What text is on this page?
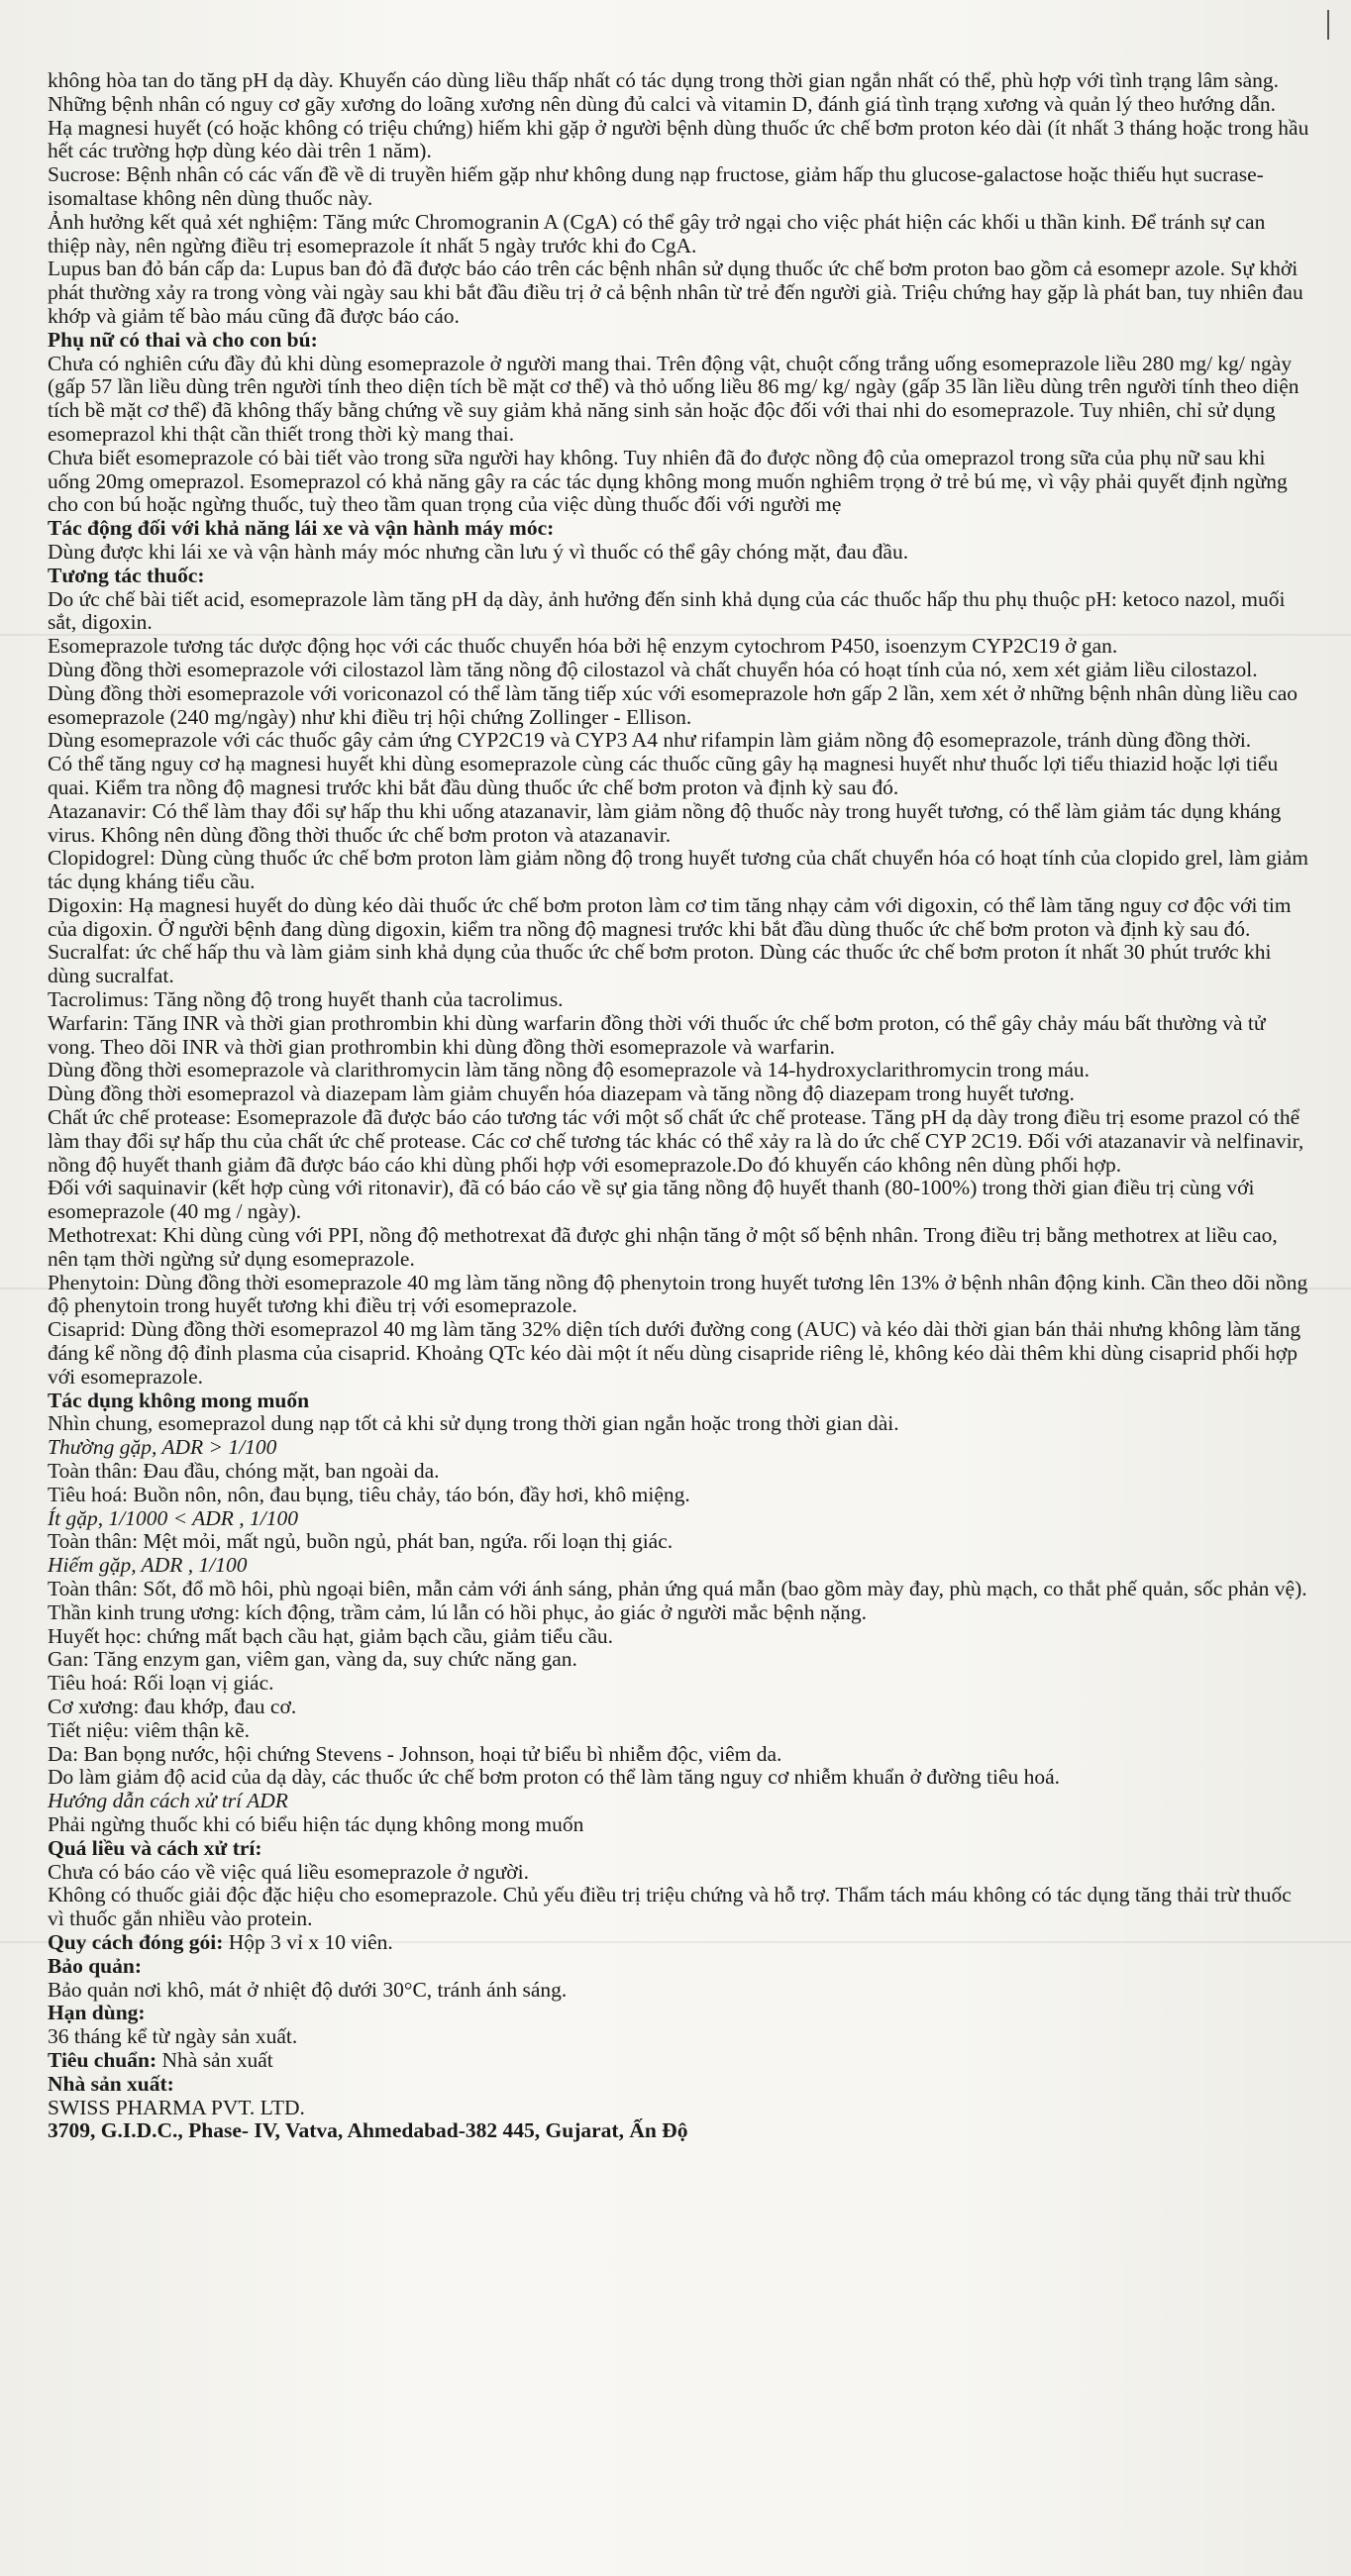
không hòa tan do tăng pH dạ dày. Khuyến cáo dùng liều thấp nhất có tác dụng trong thời gian ngắn nhất có thể, phù hợp với tình trạng lâm sàng. Những bệnh nhân có nguy cơ gãy xương do loãng xương nên dùng đủ calci và vitamin D, đánh giá tình trạng xương và quản lý theo hướng dẫn.

Hạ magnesi huyết (có hoặc không có triệu chứng) hiếm khi gặp ở người bệnh dùng thuốc ức chế bơm proton kéo dài (ít nhất 3 tháng hoặc trong hầu hết các trường hợp dùng kéo dài trên 1 năm).

Sucrose: Bệnh nhân có các vấn đề về di truyền hiếm gặp như không dung nạp fructose, giảm hấp thu glucose-galactose hoặc thiếu hụt sucrase-isomaltase không nên dùng thuốc này.

Ảnh hưởng kết quả xét nghiệm: Tăng mức Chromogranin A (CgA) có thể gây trở ngại cho việc phát hiện các khối u thần kinh. Để tránh sự can thiệp này, nên ngừng điều trị esomeprazole ít nhất 5 ngày trước khi đo CgA.

Lupus ban đỏ bán cấp da: Lupus ban đỏ đã được báo cáo trên các bệnh nhân sử dụng thuốc ức chế bơm proton bao gồm cả esomepr azole. Sự khởi phát thường xảy ra trong vòng vài ngày sau khi bắt đầu điều trị ở cả bệnh nhân từ trẻ đến người già. Triệu chứng hay gặp là phát ban, tuy nhiên đau khớp và giảm tế bào máu cũng đã được báo cáo.

Phụ nữ có thai và cho con bú:

Chưa có nghiên cứu đầy đủ khi dùng esomeprazole ở người mang thai. Trên động vật, chuột cống trắng uống esomeprazole liều 280 mg/ kg/ ngày (gấp 57 lần liều dùng trên người tính theo diện tích bề mặt cơ thể) và thỏ uống liều 86 mg/ kg/ ngày (gấp 35 lần liều dùng trên người tính theo diện tích bề mặt cơ thể) đã không thấy bằng chứng về suy giảm khả năng sinh sản hoặc độc đối với thai nhi do esomeprazole. Tuy nhiên, chỉ sử dụng esomeprazol khi thật cần thiết trong thời kỳ mang thai.

Chưa biết esomeprazole có bài tiết vào trong sữa người hay không. Tuy nhiên đã đo được nồng độ của omeprazol trong sữa của phụ nữ sau khi uống 20mg omeprazol. Esomeprazol có khả năng gây ra các tác dụng không mong muốn nghiêm trọng ở trẻ bú mẹ, vì vậy phải quyết định ngừng cho con bú hoặc ngừng thuốc, tuỳ theo tầm quan trọng của việc dùng thuốc đối với người mẹ

Tác động đối với khả năng lái xe và vận hành máy móc:

Dùng được khi lái xe và vận hành máy móc nhưng cần lưu ý vì thuốc có thể gây chóng mặt, đau đầu.

Tương tác thuốc:

Do ức chế bài tiết acid, esomeprazole làm tăng pH dạ dày, ảnh hưởng đến sinh khả dụng của các thuốc hấp thu phụ thuộc pH: ketoco nazol, muối sắt, digoxin.

Esomeprazole tương tác dược động học với các thuốc chuyển hóa bởi hệ enzym cytochrom P450, isoenzym CYP2C19 ở gan.

Dùng đồng thời esomeprazole với cilostazol làm tăng nồng độ cilostazol và chất chuyển hóa có hoạt tính của nó, xem xét giảm liều cilostazol.

Dùng đồng thời esomeprazole với voriconazol có thể làm tăng tiếp xúc với esomeprazole hơn gấp 2 lần, xem xét ở những bệnh nhân dùng liều cao esomeprazole (240 mg/ngày) như khi điều trị hội chứng Zollinger - Ellison.

Dùng esomeprazole với các thuốc gây cảm ứng CYP2C19 và CYP3 A4 như rifampin làm giảm nồng độ esomeprazole, tránh dùng đồng thời.

Có thể tăng nguy cơ hạ magnesi huyết khi dùng esomeprazole cùng các thuốc cũng gây hạ magnesi huyết như thuốc lợi tiểu thiazid hoặc lợi tiểu quai. Kiểm tra nồng độ magnesi trước khi bắt đầu dùng thuốc ức chế bơm proton và định kỳ sau đó.

Atazanavir: Có thể làm thay đổi sự hấp thu khi uống atazanavir, làm giảm nồng độ thuốc này trong huyết tương, có thể làm giảm tác dụng kháng virus. Không nên dùng đồng thời thuốc ức chế bơm proton và atazanavir.

Clopidogrel: Dùng cùng thuốc ức chế bơm proton làm giảm nồng độ trong huyết tương của chất chuyển hóa có hoạt tính của clopido grel, làm giảm tác dụng kháng tiểu cầu.

Digoxin: Hạ magnesi huyết do dùng kéo dài thuốc ức chế bơm proton làm cơ tim tăng nhạy cảm với digoxin, có thể làm tăng nguy cơ độc với tim của digoxin. Ở người bệnh đang dùng digoxin, kiểm tra nồng độ magnesi trước khi bắt đầu dùng thuốc ức chế bơm proton và định kỳ sau đó.

Sucralfat: ức chế hấp thu và làm giảm sinh khả dụng của thuốc ức chế bơm proton. Dùng các thuốc ức chế bơm proton ít nhất 30 phút trước khi dùng sucralfat.

Tacrolimus: Tăng nồng độ trong huyết thanh của tacrolimus.

Warfarin: Tăng INR và thời gian prothrombin khi dùng warfarin đồng thời với thuốc ức chế bơm proton, có thể gây chảy máu bất thường và tử vong. Theo dõi INR và thời gian prothrombin khi dùng đồng thời esomeprazole và warfarin.

Dùng đồng thời esomeprazole và clarithromycin làm tăng nồng độ esomeprazole và 14-hydroxyclarithromycin trong máu.

Dùng đồng thời esomeprazol và diazepam làm giảm chuyển hóa diazepam và tăng nồng độ diazepam trong huyết tương.

Chất ức chế protease: Esomeprazole đã được báo cáo tương tác với một số chất ức chế protease. Tăng pH dạ dày trong điều trị esome prazol có thể làm thay đổi sự hấp thu của chất ức chế protease. Các cơ chế tương tác khác có thể xảy ra là do ức chế CYP 2C19. Đối với atazanavir và nelfinavir, nồng độ huyết thanh giảm đã được báo cáo khi dùng phối hợp với esomeprazole.Do đó khuyến cáo không nên dùng phối hợp.

Đối với saquinavir (kết hợp cùng với ritonavir), đã có báo cáo về sự gia tăng nồng độ huyết thanh (80-100%) trong thời gian điều trị cùng với esomeprazole (40 mg / ngày).

Methotrexat: Khi dùng cùng với PPI, nồng độ methotrexat đã được ghi nhận tăng ở một số bệnh nhân. Trong điều trị bằng methotrex at liều cao, nên tạm thời ngừng sử dụng esomeprazole.

Phenytoin: Dùng đồng thời esomeprazole 40 mg làm tăng nồng độ phenytoin trong huyết tương lên 13% ở bệnh nhân động kinh. Cần theo dõi nồng độ phenytoin trong huyết tương khi điều trị với esomeprazole.

Cisaprid: Dùng đồng thời esomeprazol 40 mg làm tăng 32% diện tích dưới đường cong (AUC) và kéo dài thời gian bán thải nhưng không làm tăng đáng kể nồng độ đỉnh plasma của cisaprid. Khoảng QTc kéo dài một ít nếu dùng cisapride riêng lẻ, không kéo dài thêm khi dùng cisaprid phối hợp với esomeprazole.

Tác dụng không mong muốn

Nhìn chung, esomeprazol dung nạp tốt cả khi sử dụng trong thời gian ngắn hoặc trong thời gian dài.

Thường gặp, ADR > 1/100

Toàn thân: Đau đầu, chóng mặt, ban ngoài da.

Tiêu hoá: Buồn nôn, nôn, đau bụng, tiêu chảy, táo bón, đầy hơi, khô miệng.

Ít gặp, 1/1000 < ADR , 1/100

Toàn thân: Mệt mỏi, mất ngủ, buồn ngủ, phát ban, ngứa. rối loạn thị giác.

Hiếm gặp, ADR , 1/100

Toàn thân: Sốt, đổ mồ hôi, phù ngoại biên, mẫn cảm với ánh sáng, phản ứng quá mẫn (bao gồm mày đay, phù mạch, co thắt phế quản, sốc phản vệ).

Thần kinh trung ương: kích động, trầm cảm, lú lẫn có hồi phục, ảo giác ở người mắc bệnh nặng.

Huyết học: chứng mất bạch cầu hạt, giảm bạch cầu, giảm tiểu cầu.

Gan: Tăng enzym gan, viêm gan, vàng da, suy chức năng gan.

Tiêu hoá: Rối loạn vị giác.

Cơ xương: đau khớp, đau cơ.

Tiết niệu: viêm thận kẽ.

Da: Ban bọng nước, hội chứng Stevens - Johnson, hoại tử biểu bì nhiễm độc, viêm da.

Do làm giảm độ acid của dạ dày, các thuốc ức chế bơm proton có thể làm tăng nguy cơ nhiễm khuẩn ở đường tiêu hoá.

Hướng dẫn cách xử trí ADR

Phải ngừng thuốc khi có biểu hiện tác dụng không mong muốn

Quá liều và cách xử trí:

Chưa có báo cáo về việc quá liều esomeprazole ở người.

Không có thuốc giải độc đặc hiệu cho esomeprazole. Chủ yếu điều trị triệu chứng và hỗ trợ. Thẩm tách máu không có tác dụng tăng thải trừ thuốc vì thuốc gắn nhiều vào protein.

Quy cách đóng gói: Hộp 3 vỉ x 10 viên.

Bảo quản:

Bảo quản nơi khô, mát ở nhiệt độ dưới 30°C, tránh ánh sáng.

Hạn dùng:

36 tháng kể từ ngày sản xuất.

Tiêu chuẩn: Nhà sản xuất

Nhà sản xuất:

SWISS PHARMA PVT. LTD.

3709, G.I.D.C., Phase- IV, Vatva, Ahmedabad-382 445, Gujarat, Ấn Độ
